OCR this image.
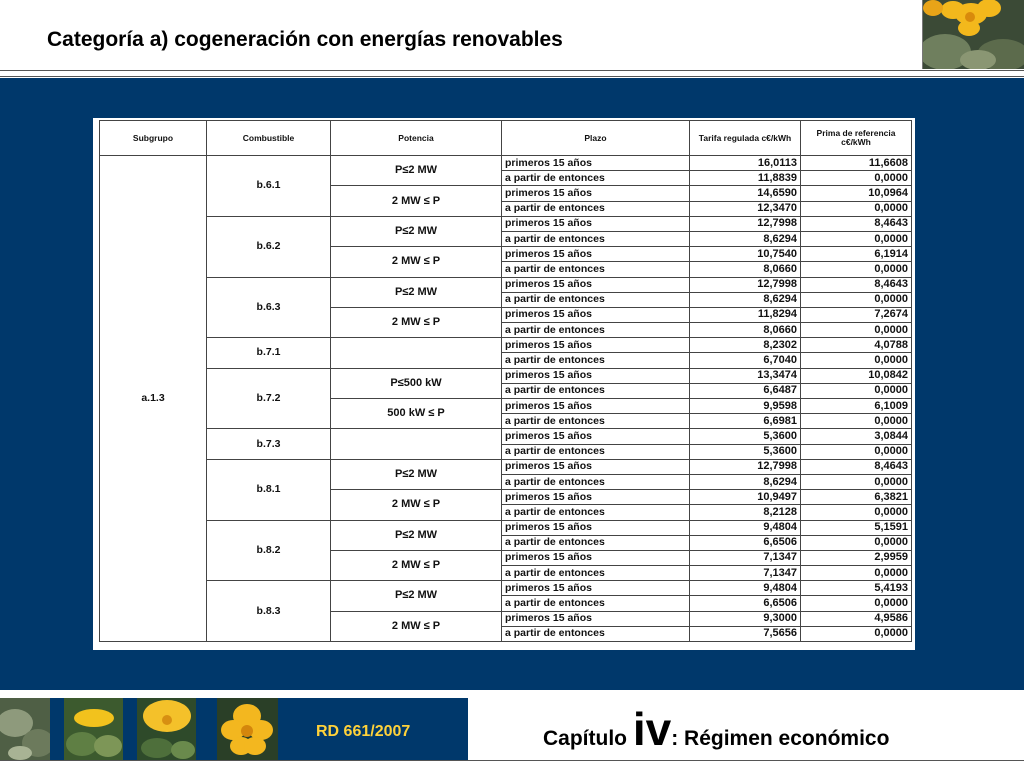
Categoría a) cogeneración con energías renovables
Subgrupo	Combustible	Potencia	Plazo	Tarifa regulada c€/kWh	Prima de referencia c€/kWh
a.1.3	b.6.1	P≤2 MW	primeros 15 años	16,0113	11,6608
			a partir de entonces	11,8839	0,0000
		2 MW ≤ P	primeros 15 años	14,6590	10,0964
			a partir de entonces	12,3470	0,0000
	b.6.2	P≤2 MW	primeros 15 años	12,7998	8,4643
			a partir de entonces	8,6294	0,0000
		2 MW ≤ P	primeros 15 años	10,7540	6,1914
			a partir de entonces	8,0660	0,0000
	b.6.3	P≤2 MW	primeros 15 años	12,7998	8,4643
			a partir de entonces	8,6294	0,0000
		2 MW ≤ P	primeros 15 años	11,8294	7,2674
			a partir de entonces	8,0660	0,0000
	b.7.1		primeros 15 años	8,2302	4,0788
			a partir de entonces	6,7040	0,0000
	b.7.2	P≤500 kW	primeros 15 años	13,3474	10,0842
			a partir de entonces	6,6487	0,0000
		500 kW ≤ P	primeros 15 años	9,9598	6,1009
			a partir de entonces	6,6981	0,0000
	b.7.3		primeros 15 años	5,3600	3,0844
			a partir de entonces	5,3600	0,0000
	b.8.1	P≤2 MW	primeros 15 años	12,7998	8,4643
			a partir de entonces	8,6294	0,0000
		2 MW ≤ P	primeros 15 años	10,9497	6,3821
			a partir de entonces	8,2128	0,0000
	b.8.2	P≤2 MW	primeros 15 años	9,4804	5,1591
			a partir de entonces	6,6506	0,0000
		2 MW ≤ P	primeros 15 años	7,1347	2,9959
			a partir de entonces	7,1347	0,0000
	b.8.3	P≤2 MW	primeros 15 años	9,4804	5,4193
			a partir de entonces	6,6506	0,0000
		2 MW ≤ P	primeros 15 años	9,3000	4,9586
			a partir de entonces	7,5656	0,0000
RD 661/2007	Capítulo iv: Régimen económico
